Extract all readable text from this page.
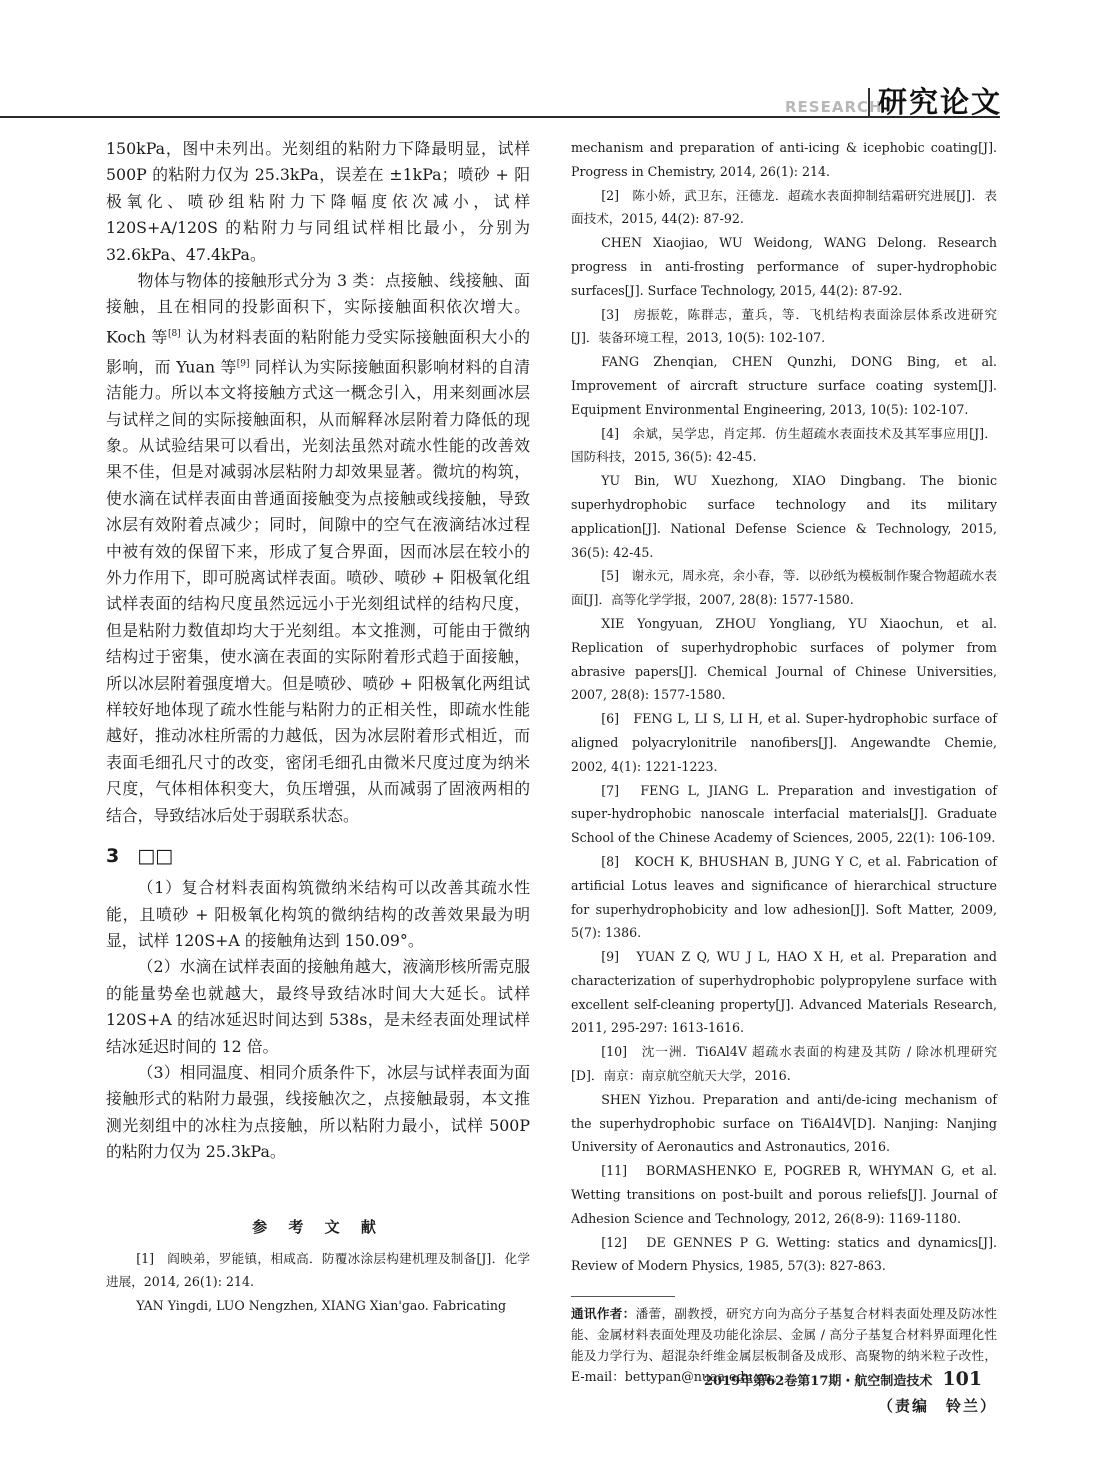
RESEARCH
研究论文

150kPa，图中未列出。光刻组的粘附力下降最明显，试样500P 的粘附力仅为 25.3kPa，误差在 ±1kPa；喷砂 + 阳极氧化、喷砂组粘附力下降幅度依次减小，试样 120S+A/120S 的粘附力与同组试样相比最小，分别为 32.6kPa、47.4kPa。

物体与物体的接触形式分为 3 类：点接触、线接触、面接触，且在相同的投影面积下，实际接触面积依次增大。Koch 等[8] 认为材料表面的粘附能力受实际接触面积大小的影响，而 Yuan 等[9] 同样认为实际接触面积影响材料的自清洁能力。所以本文将接触方式这一概念引入，用来刻画冰层与试样之间的实际接触面积，从而解释冰层附着力降低的现象。从试验结果可以看出，光刻法虽然对疏水性能的改善效果不佳，但是对减弱冰层粘附力却效果显著。微坑的构筑，使水滴在试样表面由普通面接触变为点接触或线接触，导致冰层有效附着点减少；同时，间隙中的空气在液滴结冰过程中被有效的保留下来，形成了复合界面，因而冰层在较小的外力作用下，即可脱离试样表面。喷砂、喷砂 + 阳极氧化组试样表面的结构尺度虽然远远小于光刻组试样的结构尺度，但是粘附力数值却均大于光刻组。本文推测，可能由于微纳结构过于密集，使水滴在表面的实际附着形式趋于面接触，所以冰层附着强度增大。但是喷砂、喷砂 + 阳极氧化两组试样较好地体现了疏水性能与粘附力的正相关性，即疏水性能越好，推动冰柱所需的力越低，因为冰层附着形式相近，而表面毛细孔尺寸的改变，密闭毛细孔由微米尺度过度为纳米尺度，气体相体积变大，负压增强，从而减弱了固液两相的结合，导致结冰后处于弱联系状态。

3 □□

（1）复合材料表面构筑微纳米结构可以改善其疏水性能，且喷砂 + 阳极氧化构筑的微纳结构的改善效果最为明显，试样 120S+A 的接触角达到 150.09°。

（2）水滴在试样表面的接触角越大，液滴形核所需克服的能量势垒也就越大，最终导致结冰时间大大延长。试样 120S+A 的结冰延迟时间达到 538s，是未经表面处理试样结冰延迟时间的 12 倍。

（3）相同温度、相同介质条件下，冰层与试样表面为面接触形式的粘附力最强，线接触次之，点接触最弱，本文推测光刻组中的冰柱为点接触，所以粘附力最小，试样 500P 的粘附力仅为 25.3kPa。

参 考 文 献

[1]　阎映弟，罗能镇，相咸高．防覆冰涂层构建机理及制备[J]．化学进展，2014, 26(1): 214.

YAN Yingdi, LUO Nengzhen, XIANG Xian'gao. Fabricating

mechanism and preparation of anti-icing & icephobic coating[J]. Progress in Chemistry, 2014, 26(1): 214.

[2]　陈小娇，武卫东，汪德龙．超疏水表面抑制结霜研究进展[J]．表面技术，2015, 44(2): 87-92.

CHEN Xiaojiao, WU Weidong, WANG Delong. Research progress in anti-frosting performance of super-hydrophobic surfaces[J]. Surface Technology, 2015, 44(2): 87-92.

[3]　房振乾，陈群志，董兵，等．飞机结构表面涂层体系改进研究[J]．装备环境工程，2013, 10(5): 102-107.

FANG Zhenqian, CHEN Qunzhi, DONG Bing, et al. Improvement of aircraft structure surface coating system[J]. Equipment Environmental Engineering, 2013, 10(5): 102-107.

[4]　余斌，吴学忠，肖定邦．仿生超疏水表面技术及其军事应用[J]．国防科技，2015, 36(5): 42-45.

YU Bin, WU Xuezhong, XIAO Dingbang. The bionic superhydrophobic surface technology and its military application[J]. National Defense Science & Technology, 2015, 36(5): 42-45.

[5]　谢永元，周永亮，余小春，等．以砂纸为模板制作聚合物超疏水表面[J]．高等化学学报，2007, 28(8): 1577-1580.

XIE Yongyuan, ZHOU Yongliang, YU Xiaochun, et al. Replication of superhydrophobic surfaces of polymer from abrasive papers[J]. Chemical Journal of Chinese Universities, 2007, 28(8): 1577-1580.

[6]　FENG L, LI S, LI H, et al. Super-hydrophobic surface of aligned polyacrylonitrile nanofibers[J]. Angewandte Chemie, 2002, 4(1): 1221-1223.

[7]　FENG L, JIANG L. Preparation and investigation of super-hydrophobic nanoscale interfacial materials[J]. Graduate School of the Chinese Academy of Sciences, 2005, 22(1): 106-109.

[8]　KOCH K, BHUSHAN B, JUNG Y C, et al. Fabrication of artificial Lotus leaves and significance of hierarchical structure for superhydrophobicity and low adhesion[J]. Soft Matter, 2009, 5(7): 1386.

[9]　YUAN Z Q, WU J L, HAO X H, et al. Preparation and characterization of superhydrophobic polypropylene surface with excellent self-cleaning property[J]. Advanced Materials Research, 2011, 295-297: 1613-1616.

[10]　沈一洲．Ti6Al4V 超疏水表面的构建及其防 / 除冰机理研究 [D]．南京：南京航空航天大学，2016.

SHEN Yizhou. Preparation and anti/de-icing mechanism of the superhydrophobic surface on Ti6Al4V[D]. Nanjing: Nanjing University of Aeronautics and Astronautics, 2016.

[11]　BORMASHENKO E, POGREB R, WHYMAN G, et al. Wetting transitions on post-built and porous reliefs[J]. Journal of Adhesion Science and Technology, 2012, 26(8-9): 1169-1180.

[12]　DE GENNES P G. Wetting: statics and dynamics[J]. Review of Modern Physics, 1985, 57(3): 827-863.

通讯作者：潘蕾，副教授，研究方向为高分子基复合材料表面处理及防冰性能、金属材料表面处理及功能化涂层、金属 / 高分子基复合材料界面理化性能及力学行为、超混杂纤维金属层板制备及成形、高聚物的纳米粒子改性，E-mail：bettypan@nuaa.edu.cn。

（责编　铃兰）
2019年第62卷第17期・航空制造技术 101
